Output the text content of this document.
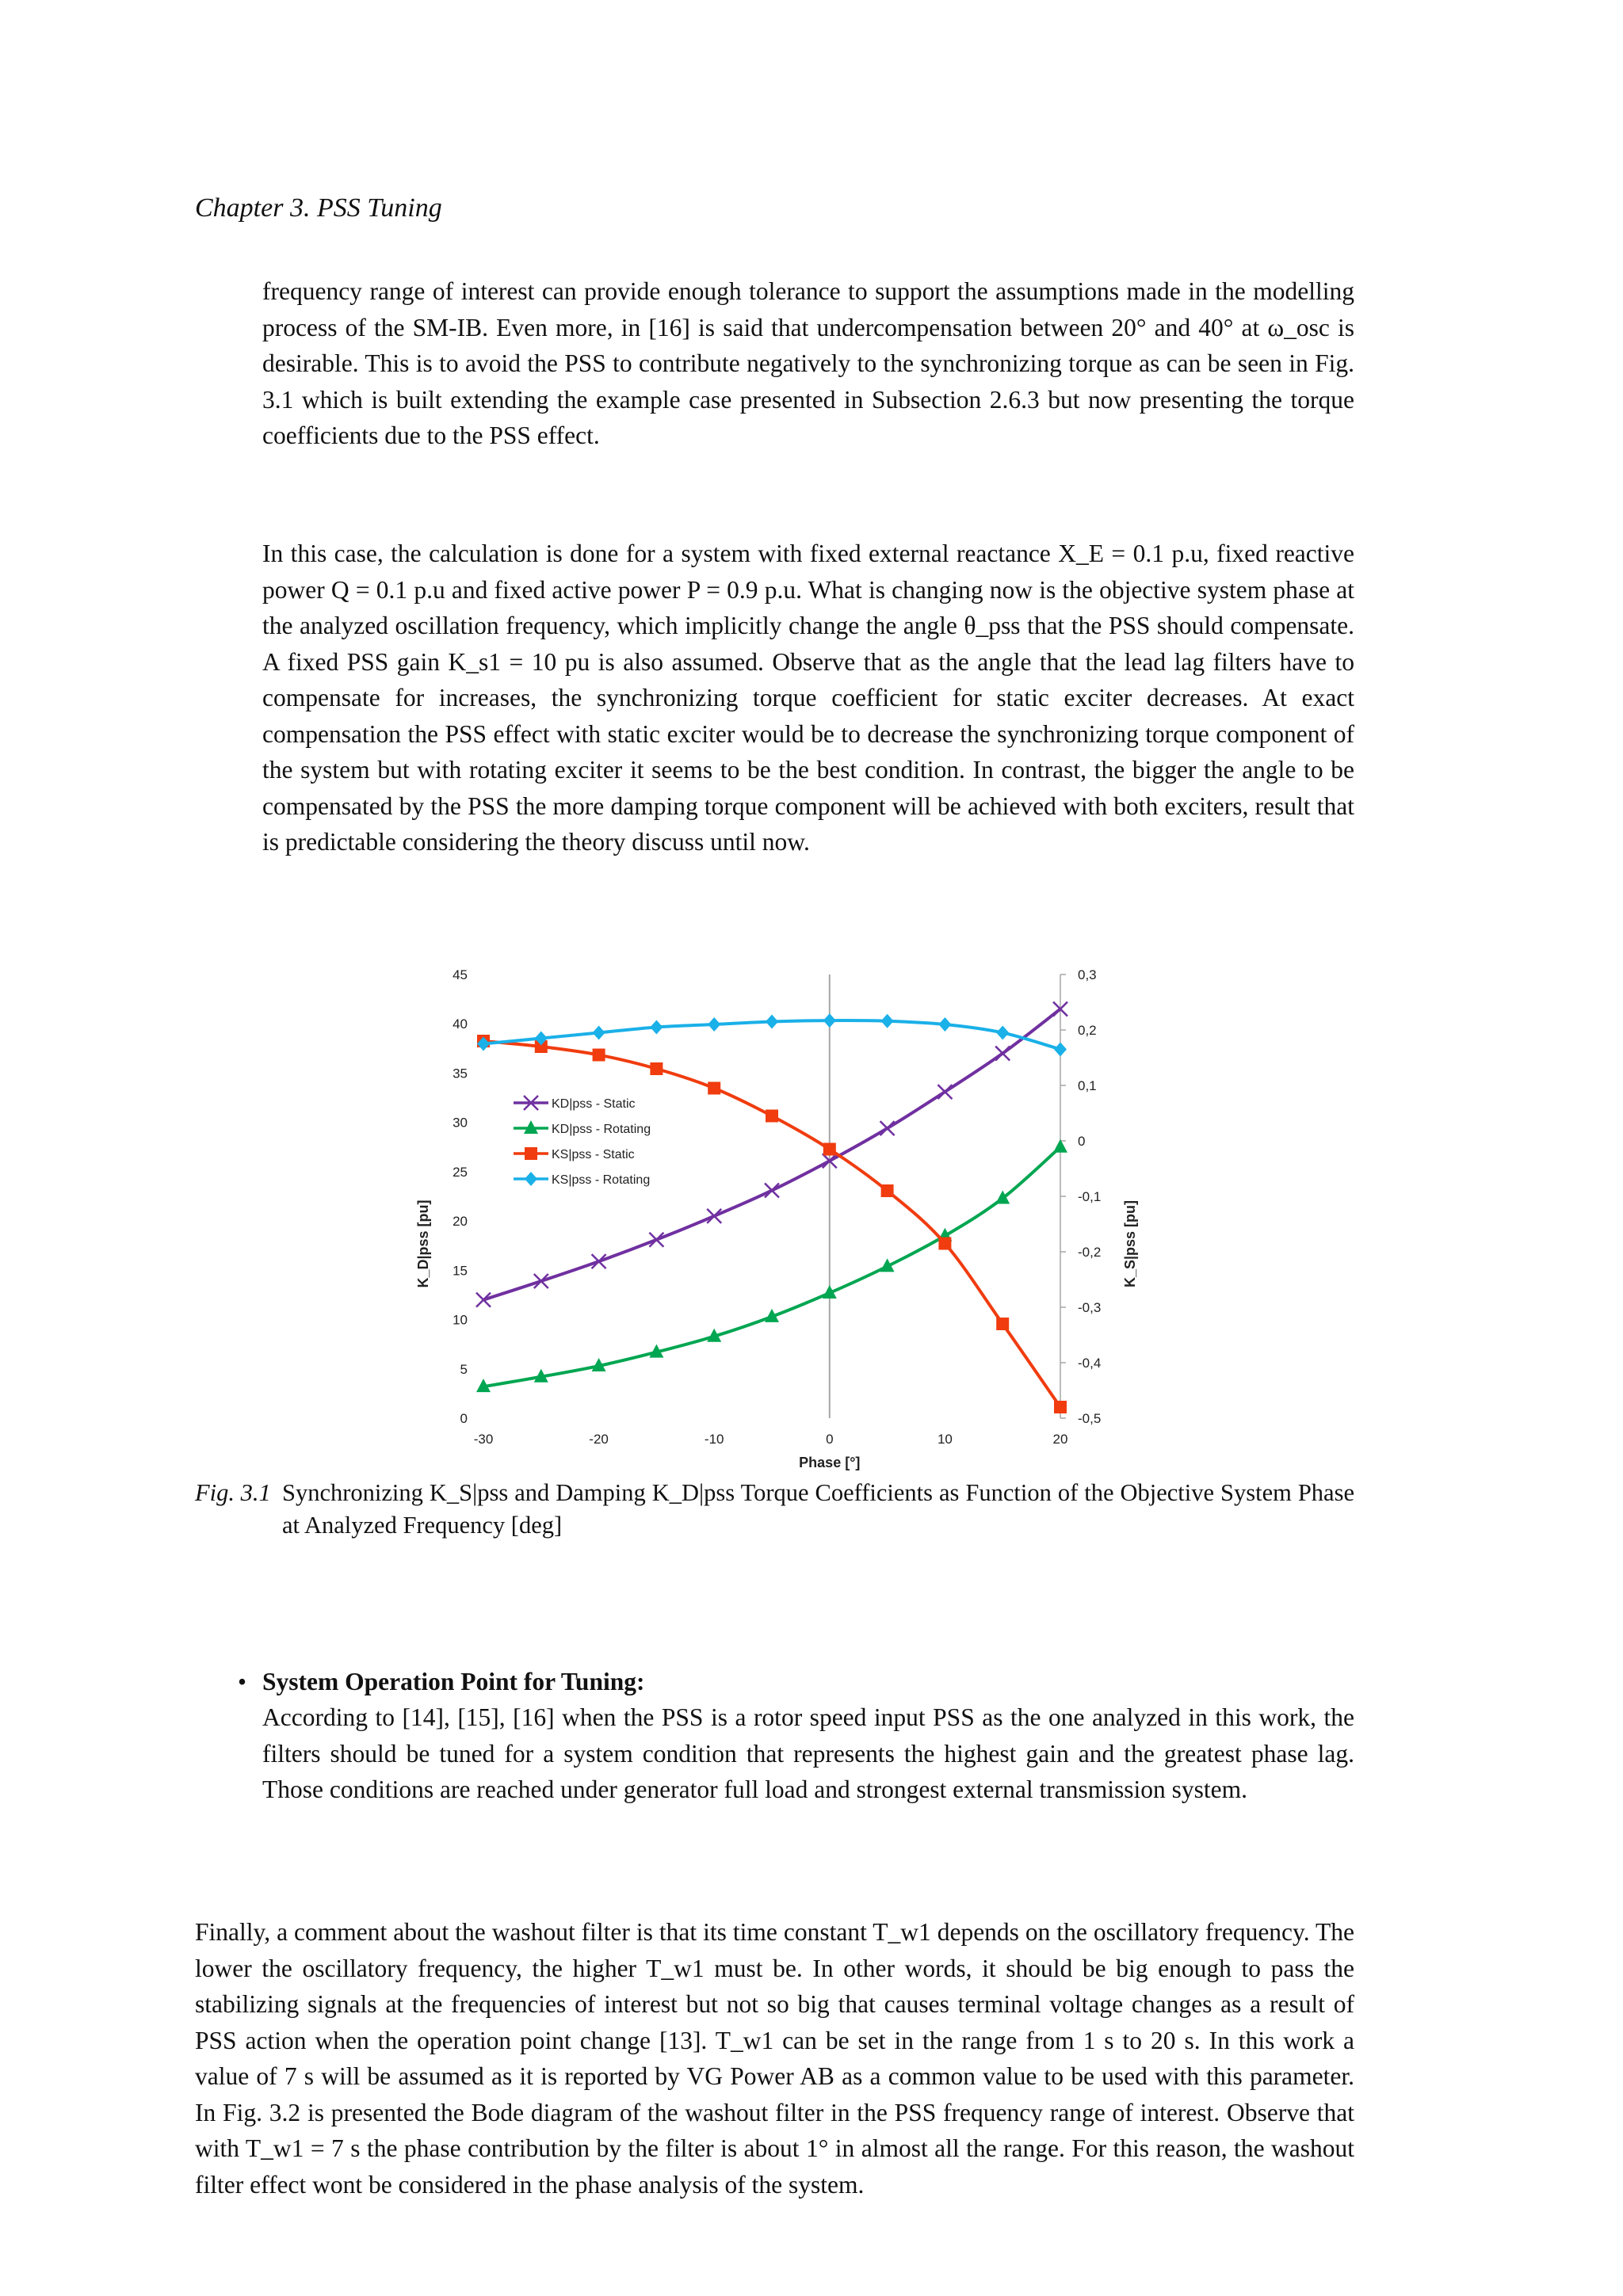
Chapter 3. PSS Tuning

frequency range of interest can provide enough tolerance to support the assumptions made in the modelling process of the SM-IB. Even more, in [16] is said that undercompensation between 20° and 40° at ω_osc is desirable. This is to avoid the PSS to contribute negatively to the synchronizing torque as can be seen in Fig. 3.1 which is built extending the example case presented in Subsection 2.6.3 but now presenting the torque coefficients due to the PSS effect.

In this case, the calculation is done for a system with fixed external reactance X_E = 0.1 p.u, fixed reactive power Q = 0.1 p.u and fixed active power P = 0.9 p.u. What is changing now is the objective system phase at the analyzed oscillation frequency, which implicitly change the angle θ_pss that the PSS should compensate. A fixed PSS gain K_s1 = 10 pu is also assumed. Observe that as the angle that the lead lag filters have to compensate for increases, the synchronizing torque coefficient for static exciter decreases. At exact compensation the PSS effect with static exciter would be to decrease the synchronizing torque component of the system but with rotating exciter it seems to be the best condition. In contrast, the bigger the angle to be compensated by the PSS the more damping torque component will be achieved with both exciters, result that is predictable considering the theory discuss until now.

0
5
10
15
20
25
30
35
40
45
-0,5
-0,4
-0,3
-0,2
-0,1
0
0,1
0,2
0,3
-30	-20	-10	0	10	20
Phase [°]
K_D|pss [pu]	K_S|pss [pu]
KD|pss - Static
KD|pss - Rotating
KS|pss - Static
KS|pss - Rotating
Fig. 3.1 Synchronizing K_S|pss and Damping K_D|pss Torque Coefficients as Function of the Objective System Phase at Analyzed Frequency [deg]
• System Operation Point for Tuning:

According to [14], [15], [16] when the PSS is a rotor speed input PSS as the one analyzed in this work, the filters should be tuned for a system condition that represents the highest gain and the greatest phase lag. Those conditions are reached under generator full load and strongest external transmission system.

Finally, a comment about the washout filter is that its time constant T_w1 depends on the oscillatory frequency. The lower the oscillatory frequency, the higher T_w1 must be. In other words, it should be big enough to pass the stabilizing signals at the frequencies of interest but not so big that causes terminal voltage changes as a result of PSS action when the operation point change [13]. T_w1 can be set in the range from 1 s to 20 s. In this work a value of 7 s will be assumed as it is reported by VG Power AB as a common value to be used with this parameter. In Fig. 3.2 is presented the Bode diagram of the washout filter in the PSS frequency range of interest. Observe that with T_w1 = 7 s the phase contribution by the filter is about 1° in almost all the range. For this reason, the washout filter effect wont be considered in the phase analysis of the system.
